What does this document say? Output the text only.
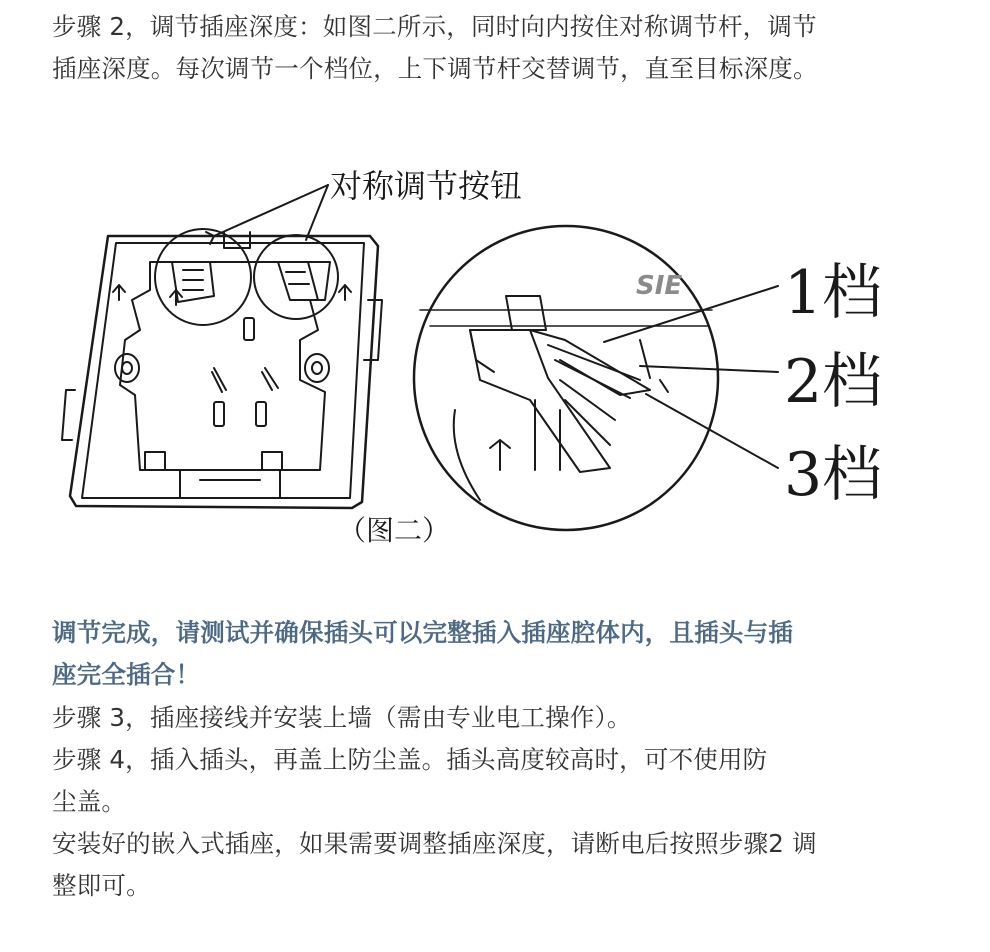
步骤 2，调节插座深度：如图二所示，同时向内按住对称调节杆，调节
插座深度。每次调节一个档位，上下调节杆交替调节，直至目标深度。
SIE
对称调节按钮
1档
2档
3档
（图二）
调节完成，请测试并确保插头可以完整插入插座腔体内，且插头与插
座完全插合！
步骤 3，插座接线并安装上墙（需由专业电工操作）。
步骤 4，插入插头，再盖上防尘盖。插头高度较高时，可不使用防
尘盖。
安装好的嵌入式插座，如果需要调整插座深度，请断电后按照步骤2 调
整即可。
